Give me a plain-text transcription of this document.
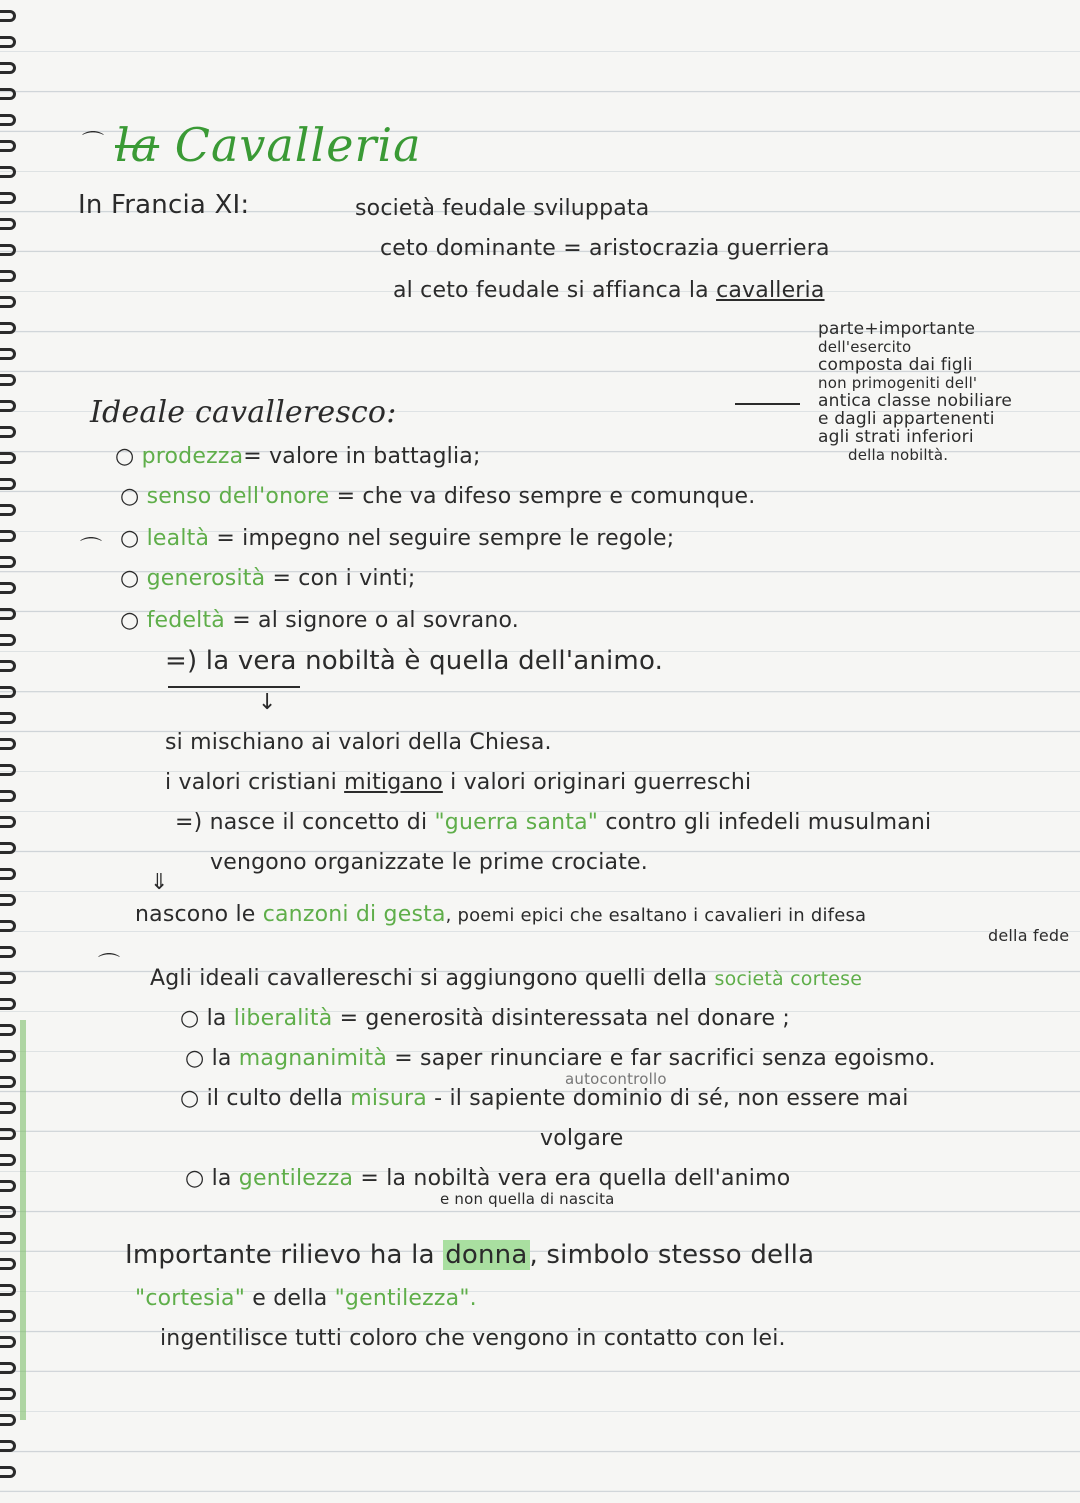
la Cavalleria
In Francia XI:	società feudale sviluppata
ceto dominante = aristocrazia guerriera
al ceto feudale si affianca la cavalleria
parte+importante
dell'esercito
composta dai figli
non primogeniti dell'
antica classe nobiliare
e dagli appartenenti
agli strati inferiori
della nobiltà.
Ideale cavalleresco:
○ prodezza= valore in battaglia;
○ senso dell'onore = che va difeso sempre e comunque.
○ lealtà = impegno nel seguire sempre le regole;
○ generosità = con i vinti;
○ fedeltà = al signore o al sovrano.
=) la vera nobiltà è quella dell'animo.
↓
si mischiano ai valori della Chiesa.
i valori cristiani mitigano i valori originari guerreschi
=) nasce il concetto di "guerra santa" contro gli infedeli musulmani
vengono organizzate le prime crociate.
⇓
nascono le canzoni di gesta, poemi epici che esaltano i cavalieri in difesa
della fede
Agli ideali cavallereschi si aggiungono quelli della società cortese
○ la liberalità = generosità disinteressata nel donare ;
○ la magnanimità = saper rinunciare e far sacrifici senza egoismo.
autocontrollo
○ il culto della misura - il sapiente dominio di sé, non essere mai
volgare
○ la gentilezza = la nobiltà vera era quella dell'animo
e non quella di nascita
Importante rilievo ha la donna, simbolo stesso della
"cortesia" e della "gentilezza".
ingentilisce tutti coloro che vengono in contatto con lei.
⌒
⌒
⌒
